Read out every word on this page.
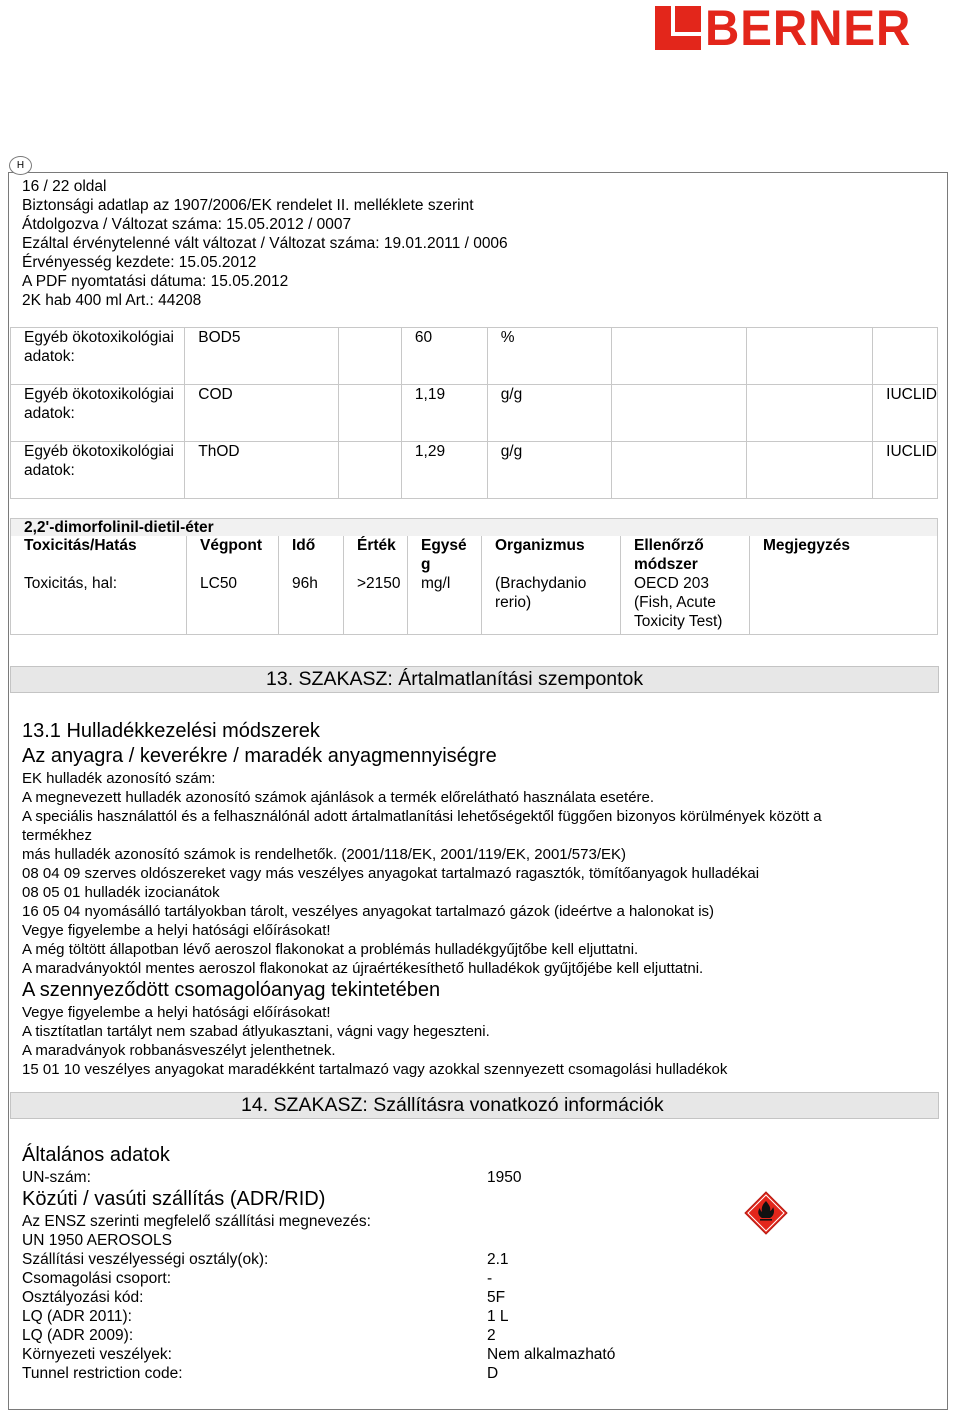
BERNER
H
16 / 22 oldal
Biztonsági adatlap az 1907/2006/EK rendelet II. melléklete szerint
Átdolgozva / Változat száma: 15.05.2012 / 0007
Ezáltal érvénytelenné vált változat / Változat száma: 19.01.2011 / 0006
Érvényesség kezdete: 15.05.2012
A PDF nyomtatási dátuma: 15.05.2012
2K hab 400 ml Art.: 44208
Egyéb ökotoxikológiai adatok:	BOD5		60	%			
Egyéb ökotoxikológiai adatok:	COD		1,19	g/g			IUCLID
Egyéb ökotoxikológiai adatok:	ThOD		1,29	g/g			IUCLID
2,2'-dimorfolinil-dietil-éter
Toxicitás/Hatás	Végpont	Idő	Érték	Egység	Organizmus	Ellenőrző módszer	Megjegyzés
Toxicitás, hal:	LC50	96h	>2150	mg/l	(Brachydanio rerio)	OECD 203 (Fish, Acute Toxicity Test)	
13. SZAKASZ: Ártalmatlanítási szempontok
13.1 Hulladékkezelési módszerek
Az anyagra / keverékre / maradék anyagmennyiségre
EK hulladék azonosító szám:
A megnevezett hulladék azonosító számok ajánlások a termék előrelátható használata esetére.
A speciális használattól és a felhasználónál adott ártalmatlanítási lehetőségektől függően bizonyos körülmények között a
termékhez
más hulladék azonosító számok is rendelhetők. (2001/118/EK, 2001/119/EK, 2001/573/EK)
08 04 09 szerves oldószereket vagy más veszélyes anyagokat tartalmazó ragasztók, tömítőanyagok hulladékai
08 05 01 hulladék izocianátok
16 05 04 nyomásálló tartályokban tárolt, veszélyes anyagokat tartalmazó gázok (ideértve a halonokat is)
Vegye figyelembe a helyi hatósági előírásokat!
A még töltött állapotban lévő aeroszol flakonokat a problémás hulladékgyűjtőbe kell eljuttatni.
A maradványoktól mentes aeroszol flakonokat az újraértékesíthető hulladékok gyűjtőjébe kell eljuttatni.
A szennyeződött csomagolóanyag tekintetében
Vegye figyelembe a helyi hatósági előírásokat!
A tisztítatlan tartályt nem szabad átlyukasztani, vágni vagy hegeszteni.
A maradványok robbanásveszélyt jelenthetnek.
15 01 10 veszélyes anyagokat maradékként tartalmazó vagy azokkal szennyezett csomagolási hulladékok
14. SZAKASZ: Szállításra vonatkozó információk
Általános adatok
UN-szám:	1950
Közúti / vasúti szállítás (ADR/RID)
Az ENSZ szerinti megfelelő szállítási megnevezés:
UN 1950 AEROSOLS
Szállítási veszélyességi osztály(ok):	2.1
Csomagolási csoport:	-
Osztályozási kód:	5F
LQ (ADR 2011):	1 L
LQ (ADR 2009):	2
Környezeti veszélyek:	Nem alkalmazható
Tunnel restriction code:	D
